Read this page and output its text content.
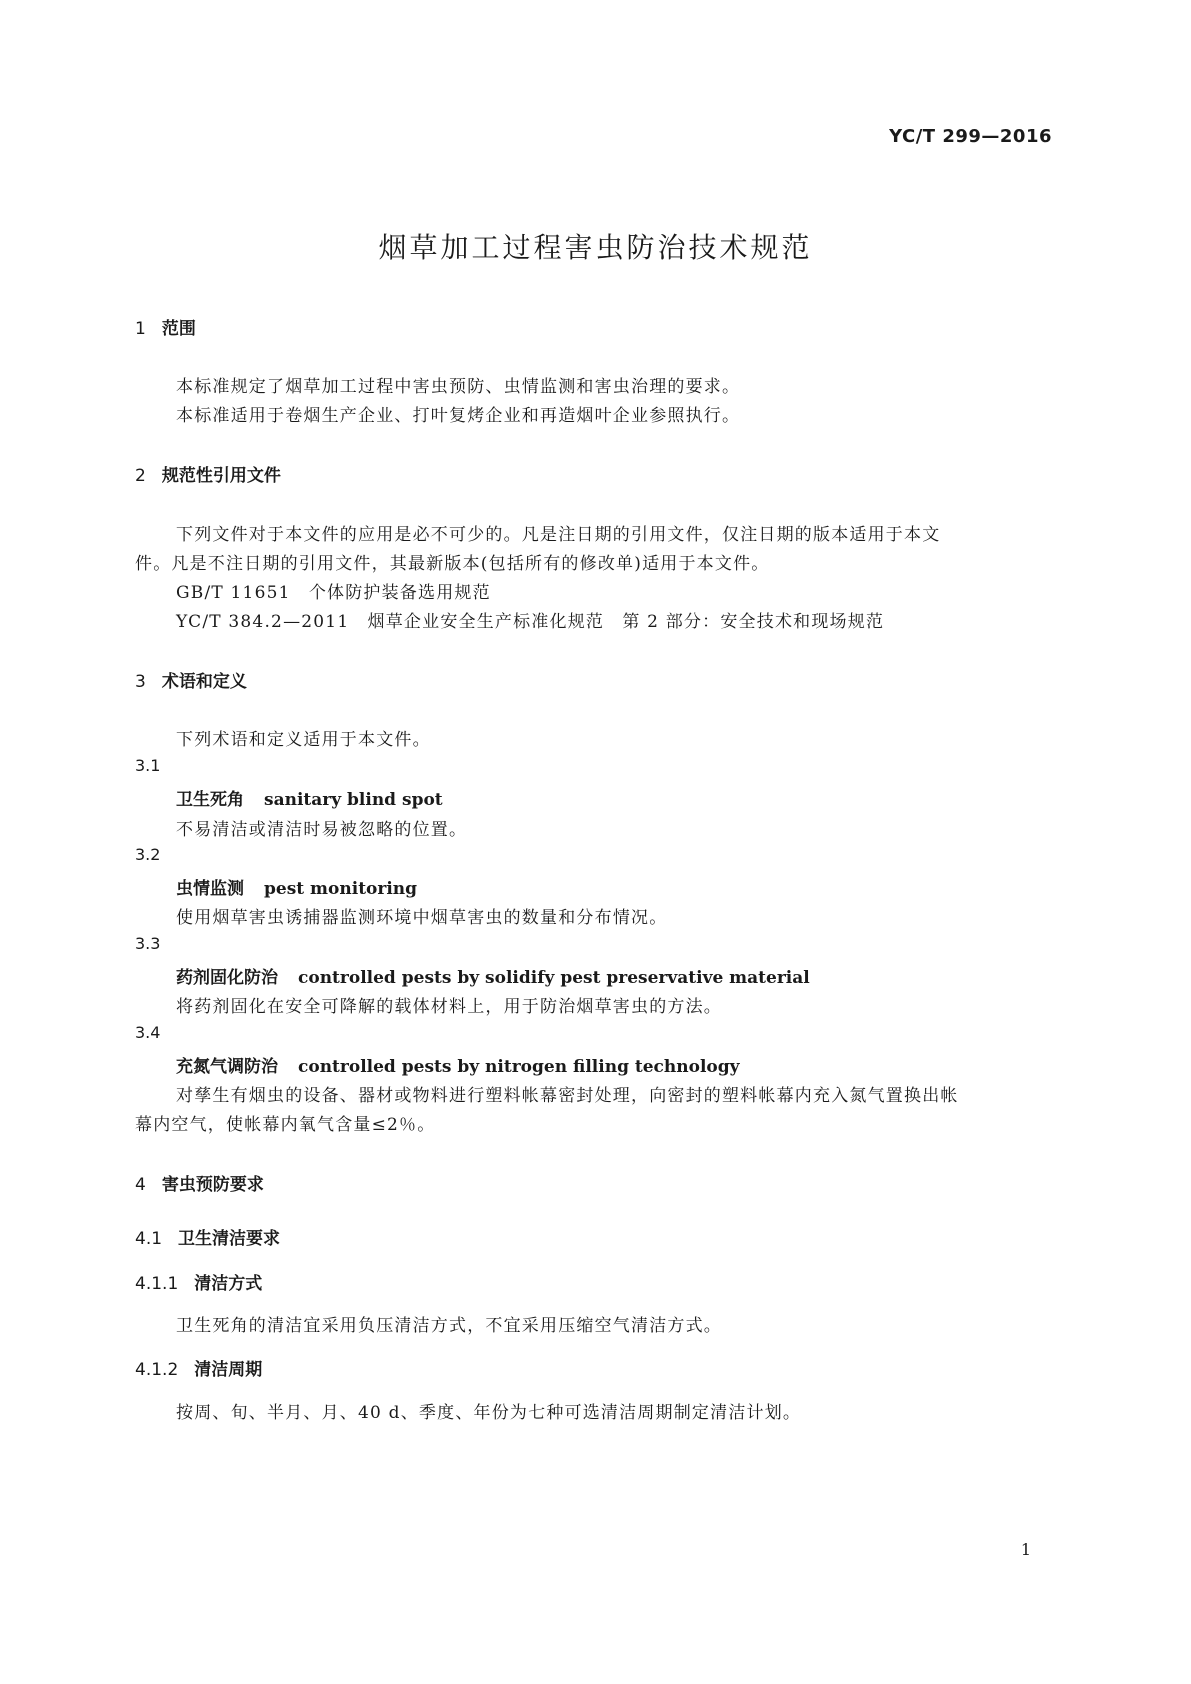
YC/T 299—2016
烟草加工过程害虫防治技术规范
1 范围
本标准规定了烟草加工过程中害虫预防、虫情监测和害虫治理的要求。
本标准适用于卷烟生产企业、打叶复烤企业和再造烟叶企业参照执行。
2 规范性引用文件
下列文件对于本文件的应用是必不可少的。凡是注日期的引用文件，仅注日期的版本适用于本文
件。凡是不注日期的引用文件，其最新版本(包括所有的修改单)适用于本文件。
GB/T 11651　个体防护装备选用规范
YC/T 384.2—2011　烟草企业安全生产标准化规范　第 2 部分：安全技术和现场规范
3 术语和定义
下列术语和定义适用于本文件。
3.1
卫生死角 sanitary blind spot
不易清洁或清洁时易被忽略的位置。
3.2
虫情监测 pest monitoring
使用烟草害虫诱捕器监测环境中烟草害虫的数量和分布情况。
3.3
药剂固化防治 controlled pests by solidify pest preservative material
将药剂固化在安全可降解的载体材料上，用于防治烟草害虫的方法。
3.4
充氮气调防治 controlled pests by nitrogen filling technology
对孳生有烟虫的设备、器材或物料进行塑料帐幕密封处理，向密封的塑料帐幕内充入氮气置换出帐
幕内空气，使帐幕内氧气含量≤2％。
4 害虫预防要求
4.1 卫生清洁要求
4.1.1 清洁方式
卫生死角的清洁宜采用负压清洁方式，不宜采用压缩空气清洁方式。
4.1.2 清洁周期
按周、旬、半月、月、40 d、季度、年份为七种可选清洁周期制定清洁计划。
1
